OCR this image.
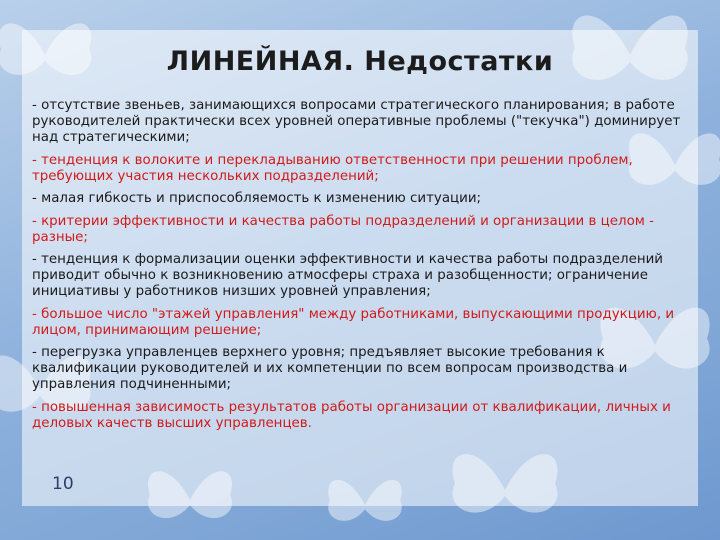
ЛИНЕЙНАЯ. Недостатки

- отсутствие звеньев, занимающихся вопросами стратегического планирования; в работе руководителей практически всех уровней оперативные проблемы ("текучка") доминирует над стратегическими;

- тенденция к волоките и перекладыванию ответственности при решении проблем, требующих участия нескольких подразделений;

- малая гибкость и приспособляемость к изменению ситуации;

- критерии эффективности и качества работы подразделений и организации в целом - разные;

- тенденция к формализации оценки эффективности и качества работы подразделений приводит обычно к возникновению атмосферы страха и разобщенности; ограничение инициативы у работников низших уровней управления;

- большое число "этажей управления" между работниками, выпускающими продукцию, и лицом, принимающим решение;

- перегрузка управленцев верхнего уровня; предъявляет высокие требования к квалификации руководителей и их компетенции по всем вопросам производства и управления подчиненными;

- повышенная зависимость результатов работы организации от квалификации, личных и деловых качеств высших управленцев.

10
